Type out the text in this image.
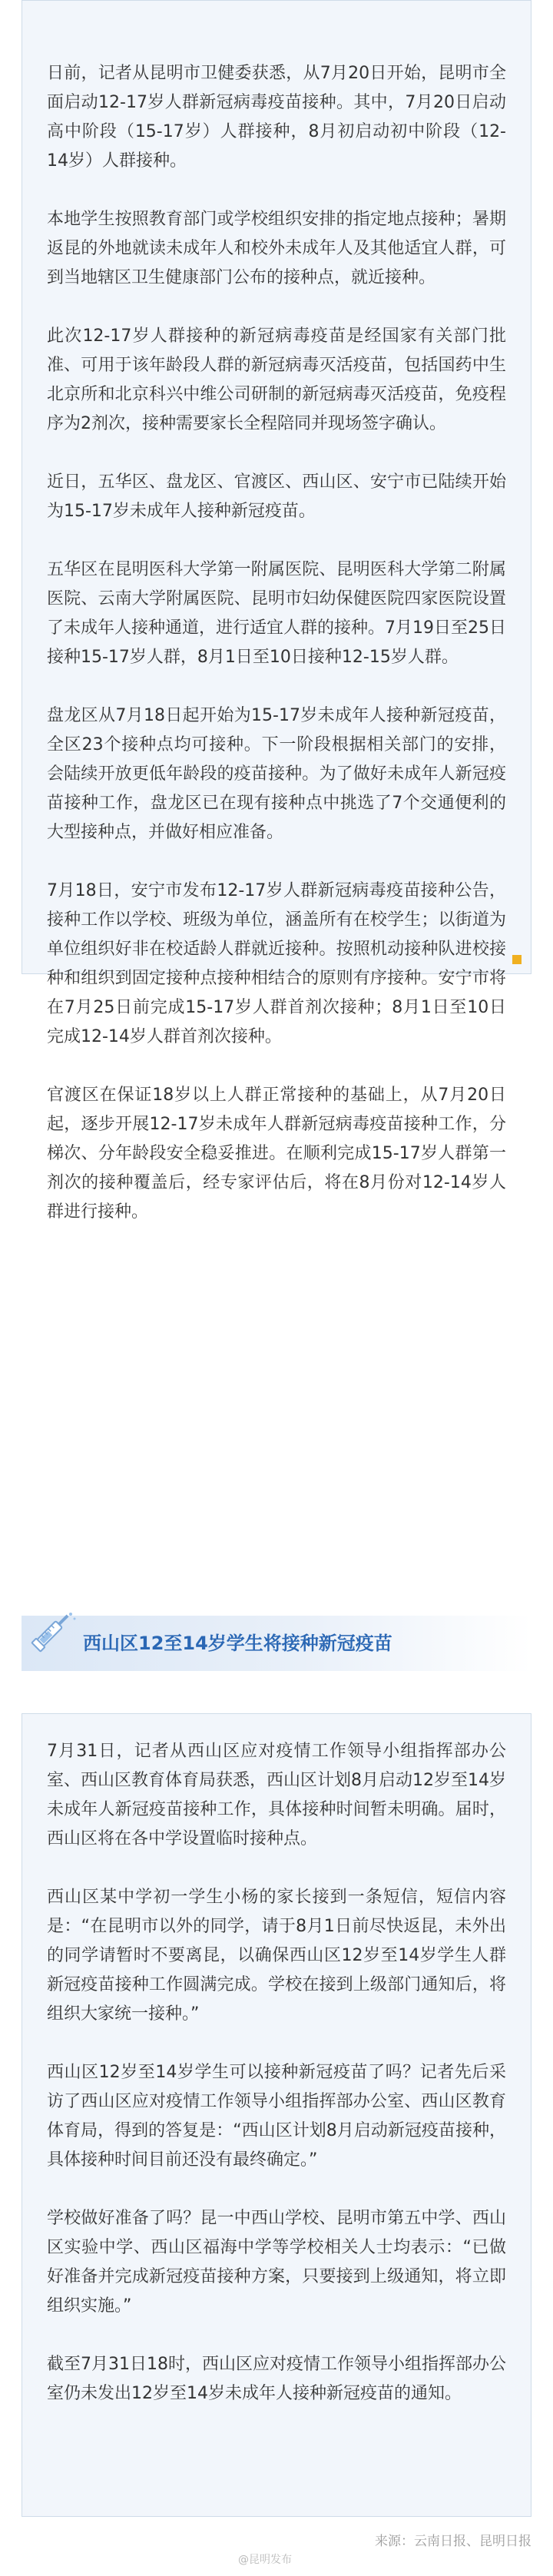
日前，记者从昆明市卫健委获悉，从7月20日开始，昆明市全面启动12-17岁人群新冠病毒疫苗接种。其中，7月20日启动高中阶段（15-17岁）人群接种，8月初启动初中阶段（12-14岁）人群接种。

本地学生按照教育部门或学校组织安排的指定地点接种；暑期返昆的外地就读未成年人和校外未成年人及其他适宜人群，可到当地辖区卫生健康部门公布的接种点，就近接种。

此次12-17岁人群接种的新冠病毒疫苗是经国家有关部门批准、可用于该年龄段人群的新冠病毒灭活疫苗，包括国药中生北京所和北京科兴中维公司研制的新冠病毒灭活疫苗，免疫程序为2剂次，接种需要家长全程陪同并现场签字确认。

近日，五华区、盘龙区、官渡区、西山区、安宁市已陆续开始为15-17岁未成年人接种新冠疫苗。

五华区在昆明医科大学第一附属医院、昆明医科大学第二附属医院、云南大学附属医院、昆明市妇幼保健医院四家医院设置了未成年人接种通道，进行适宜人群的接种。7月19日至25日接种15-17岁人群，8月1日至10日接种12-15岁人群。

盘龙区从7月18日起开始为15-17岁未成年人接种新冠疫苗，全区23个接种点均可接种。下一阶段根据相关部门的安排，会陆续开放更低年龄段的疫苗接种。为了做好未成年人新冠疫苗接种工作，盘龙区已在现有接种点中挑选了7个交通便利的大型接种点，并做好相应准备。

7月18日，安宁市发布12-17岁人群新冠病毒疫苗接种公告，接种工作以学校、班级为单位，涵盖所有在校学生；以街道为单位组织好非在校适龄人群就近接种。按照机动接种队进校接种和组织到固定接种点接种相结合的原则有序接种。安宁市将在7月25日前完成15-17岁人群首剂次接种；8月1日至10日完成12-14岁人群首剂次接种。

官渡区在保证18岁以上人群正常接种的基础上，从7月20日起，逐步开展12-17岁未成年人群新冠病毒疫苗接种工作，分梯次、分年龄段安全稳妥推进。在顺利完成15-17岁人群第一剂次的接种覆盖后，经专家评估后，将在8月份对12-14岁人群进行接种。

西山区12至14岁学生将接种新冠疫苗

7月31日，记者从西山区应对疫情工作领导小组指挥部办公室、西山区教育体育局获悉，西山区计划8月启动12岁至14岁未成年人新冠疫苗接种工作，具体接种时间暂未明确。届时，西山区将在各中学设置临时接种点。

西山区某中学初一学生小杨的家长接到一条短信，短信内容是：“在昆明市以外的同学，请于8月1日前尽快返昆，未外出的同学请暂时不要离昆，以确保西山区12岁至14岁学生人群新冠疫苗接种工作圆满完成。学校在接到上级部门通知后，将组织大家统一接种。”

西山区12岁至14岁学生可以接种新冠疫苗了吗？记者先后采访了西山区应对疫情工作领导小组指挥部办公室、西山区教育体育局，得到的答复是：“西山区计划8月启动新冠疫苗接种，具体接种时间目前还没有最终确定。”

学校做好准备了吗？昆一中西山学校、昆明市第五中学、西山区实验中学、西山区福海中学等学校相关人士均表示：“已做好准备并完成新冠疫苗接种方案，只要接到上级通知，将立即组织实施。”

截至7月31日18时，西山区应对疫情工作领导小组指挥部办公室仍未发出12岁至14岁未成年人接种新冠疫苗的通知。

来源：云南日报、昆明日报
@昆明发布
